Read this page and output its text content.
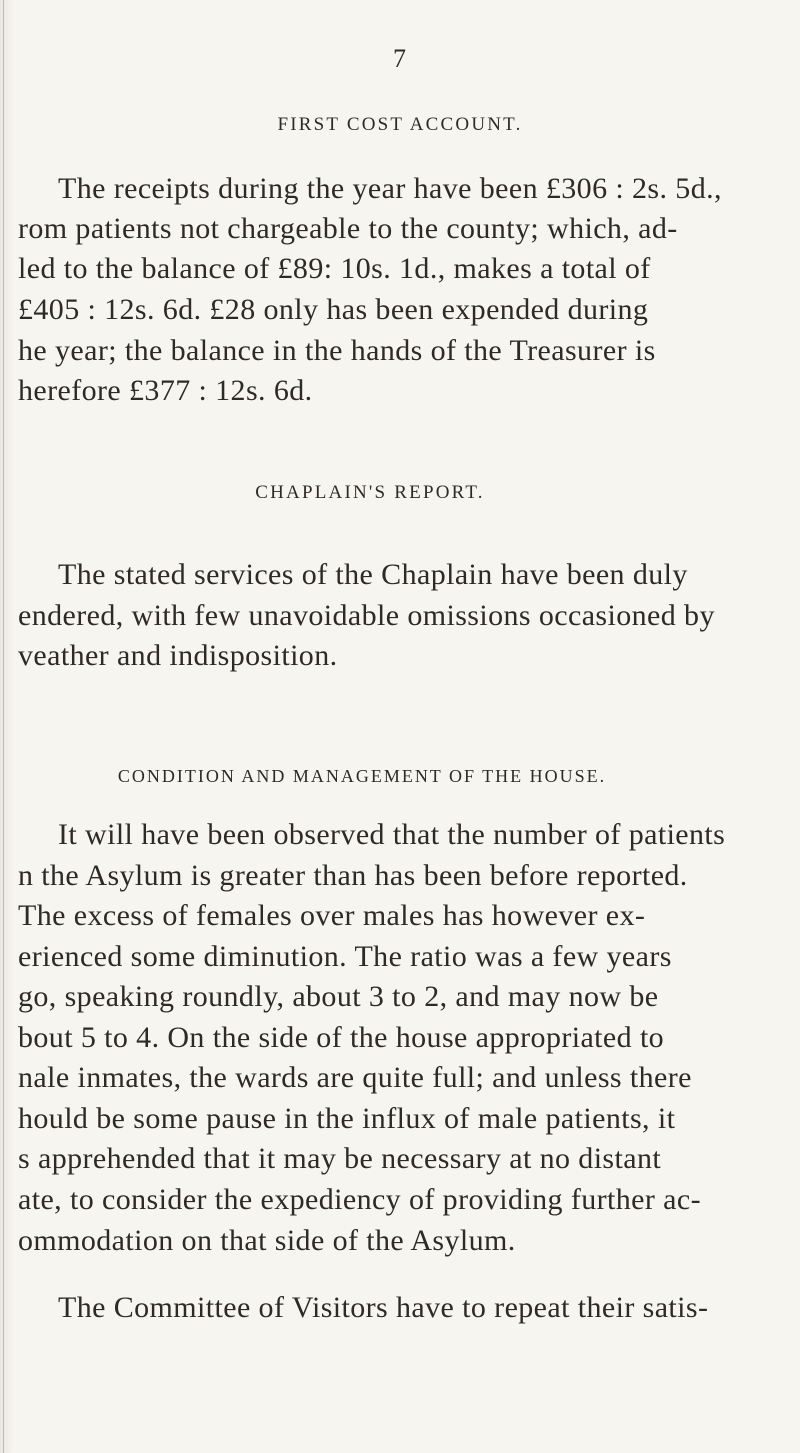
7
FIRST COST ACCOUNT.
The receipts during the year have been £306 : 2s. 5d.,
rom patients not chargeable to the county; which, ad-
led to the balance of £89: 10s. 1d., makes a total of
£405 : 12s. 6d. £28 only has been expended during
he year; the balance in the hands of the Treasurer is
herefore £377 : 12s. 6d.
CHAPLAIN'S REPORT.
The stated services of the Chaplain have been duly
endered, with few unavoidable omissions occasioned by
veather and indisposition.
CONDITION AND MANAGEMENT OF THE HOUSE.
It will have been observed that the number of patients
n the Asylum is greater than has been before reported.
The excess of females over males has however ex-
erienced some diminution. The ratio was a few years
go, speaking roundly, about 3 to 2, and may now be
bout 5 to 4. On the side of the house appropriated to
nale inmates, the wards are quite full; and unless there
hould be some pause in the influx of male patients, it
s apprehended that it may be necessary at no distant
ate, to consider the expediency of providing further ac-
ommodation on that side of the Asylum.
The Committee of Visitors have to repeat their satis-
